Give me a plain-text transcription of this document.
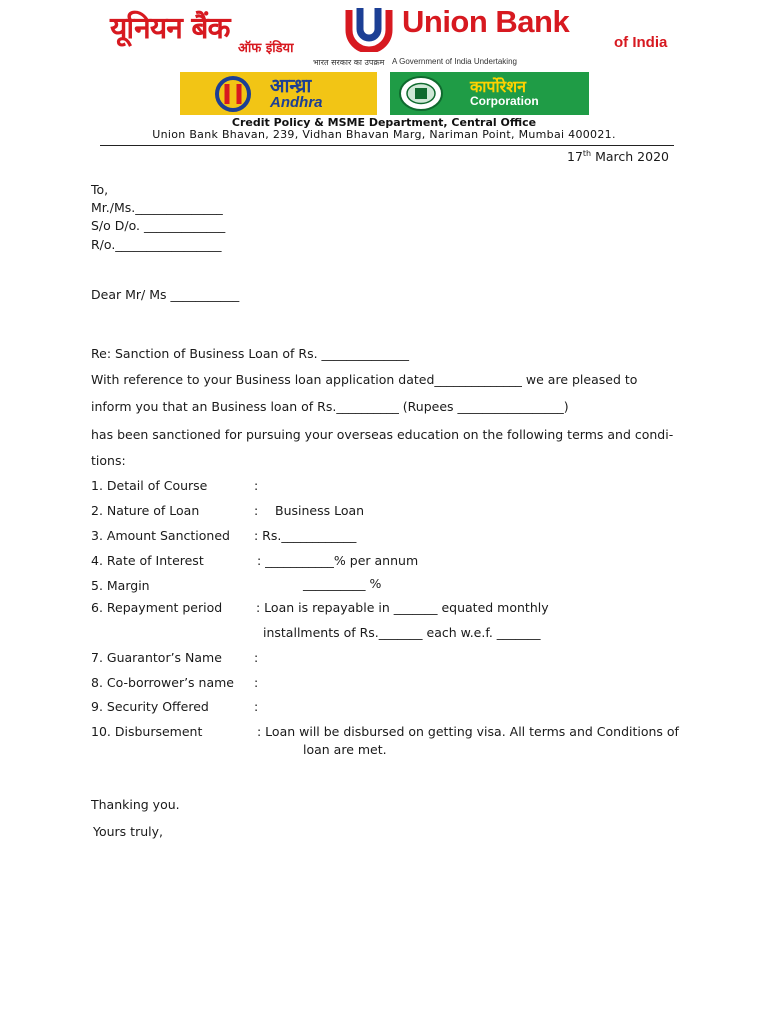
यूनियन बैंक
ऑफ इंडिया
Union Bank
of India
भारत सरकार का उपक्रम A Government of India Undertaking
आन्ध्रा
Andhra
कार्पोरेशन
Corporation
Credit Policy & MSME Department, Central Office
Union Bank Bhavan, 239, Vidhan Bhavan Marg, Nariman Point, Mumbai 400021.
17th March 2020
To,
Mr./Ms.______________
S/o D/o. _____________
R/o._________________
Dear Mr/ Ms ___________
Re: Sanction of Business Loan of Rs. ______________
With reference to your Business loan application dated______________ we are pleased to
inform you that an Business loan of Rs.__________ (Rupees _________________)
has been sanctioned for pursuing your overseas education on the following terms and condi-
tions:
1. Detail of Course	:
2. Nature of Loan	: Business Loan
3. Amount Sanctioned : Rs.____________
4. Rate of Interest	: ___________% per annum
5. Margin	__________ %
6. Repayment period	: Loan is repayable in _______ equated monthly
installments of Rs._______ each w.e.f. _______
7. Guarantor’s Name	:
8. Co-borrower’s name :
9. Security Offered	:
10. Disbursement	: Loan will be disbursed on getting visa. All terms and Conditions of
loan are met.
Thanking you.
Yours truly,
